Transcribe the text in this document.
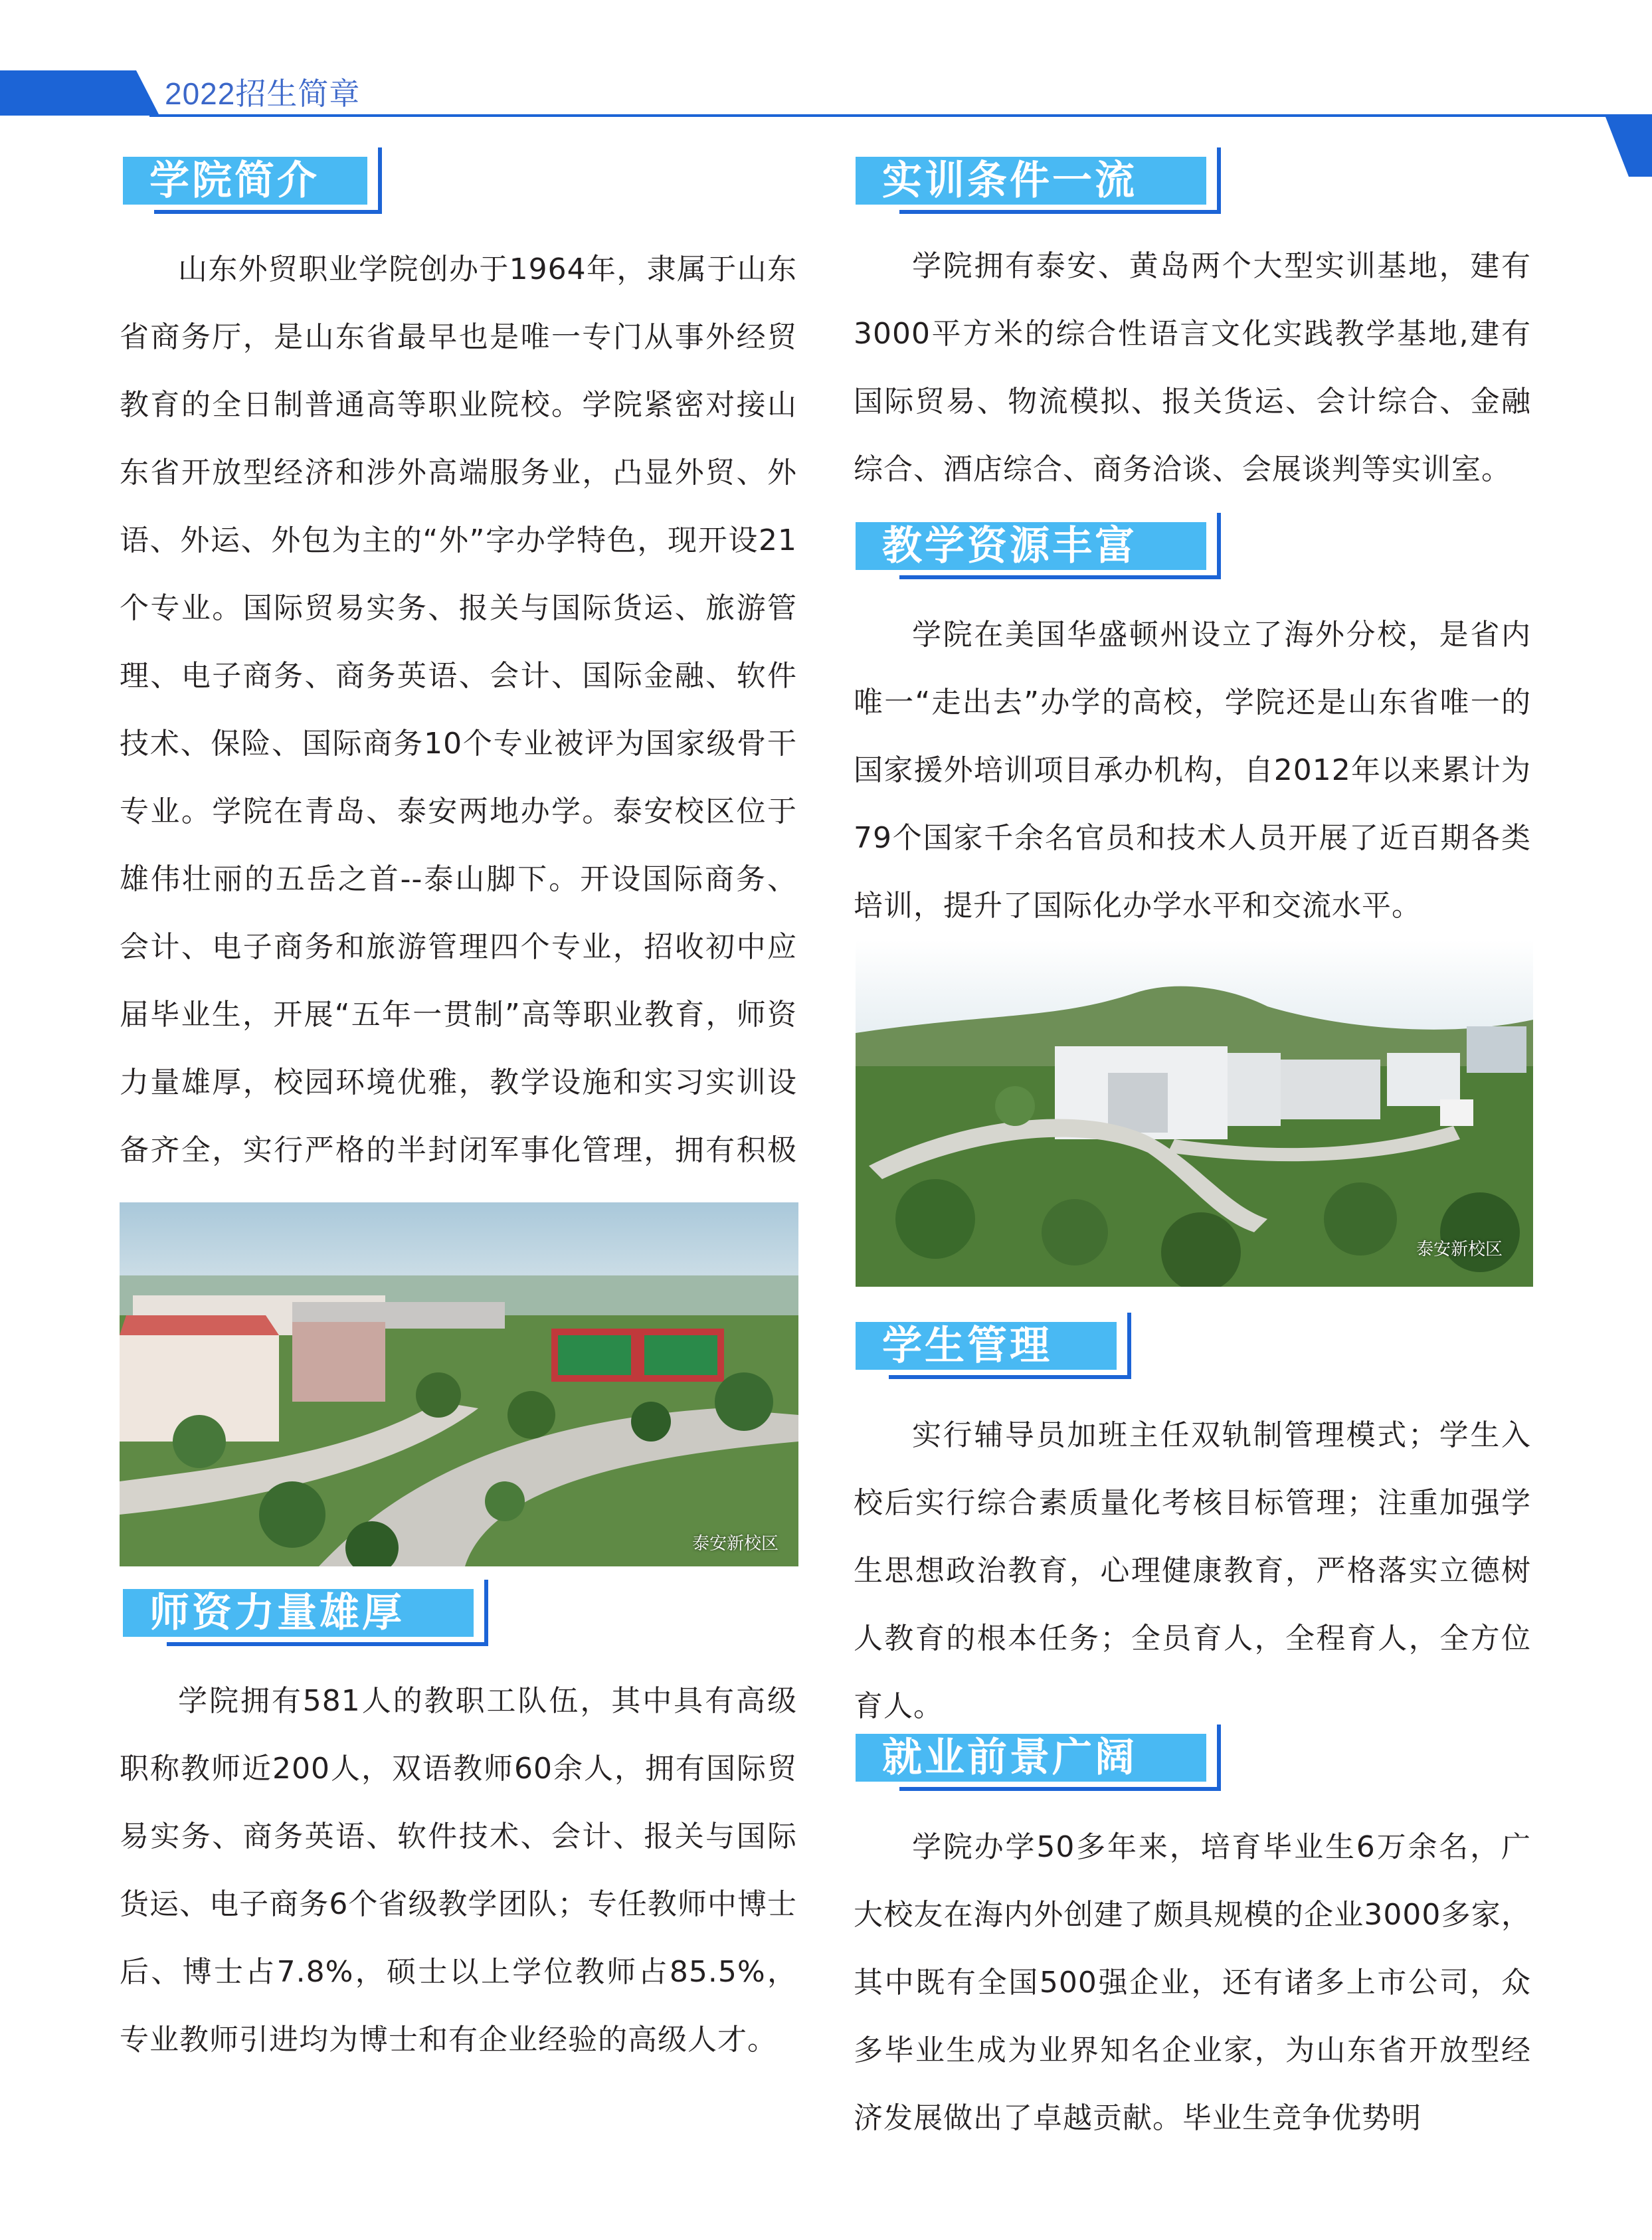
2022招生简章
学院简介

山东外贸职业学院创办于1964年，隶属于山东省商务厅，是山东省最早也是唯一专门从事外经贸教育的全日制普通高等职业院校。学院紧密对接山东省开放型经济和涉外高端服务业，凸显外贸、外语、外运、外包为主的“外”字办学特色，现开设21个专业。国际贸易实务、报关与国际货运、旅游管理、电子商务、商务英语、会计、国际金融、软件技术、保险、国际商务10个专业被评为国家级骨干专业。学院在青岛、泰安两地办学。泰安校区位于雄伟壮丽的五岳之首--泰山脚下。开设国际商务、会计、电子商务和旅游管理四个专业，招收初中应届毕业生，开展“五年一贯制”高等职业教育，师资力量雄厚，校园环境优雅，教学设施和实习实训设备齐全，实行严格的半封闭军事化管理，拥有积极

泰安新校区
师资力量雄厚

学院拥有581人的教职工队伍，其中具有高级职称教师近200人，双语教师60余人，拥有国际贸易实务、商务英语、软件技术、会计、报关与国际货运、电子商务6个省级教学团队；专任教师中博士后、博士占7.8%，硕士以上学位教师占85.5%，专业教师引进均为博士和有企业经验的高级人才。

实训条件一流

学院拥有泰安、黄岛两个大型实训基地，建有3000平方米的综合性语言文化实践教学基地,建有国际贸易、物流模拟、报关货运、会计综合、金融综合、酒店综合、商务洽谈、会展谈判等实训室。

教学资源丰富

学院在美国华盛顿州设立了海外分校，是省内唯一“走出去”办学的高校，学院还是山东省唯一的国家援外培训项目承办机构，自2012年以来累计为79个国家千余名官员和技术人员开展了近百期各类培训，提升了国际化办学水平和交流水平。

泰安新校区
学生管理

实行辅导员加班主任双轨制管理模式；学生入校后实行综合素质量化考核目标管理；注重加强学生思想政治教育，心理健康教育，严格落实立德树人教育的根本任务；全员育人，全程育人，全方位育人。

就业前景广阔

学院办学50多年来，培育毕业生6万余名，广大校友在海内外创建了颇具规模的企业3000多家，其中既有全国500强企业，还有诸多上市公司，众多毕业生成为业界知名企业家，为山东省开放型经济发展做出了卓越贡献。毕业生竞争优势明
